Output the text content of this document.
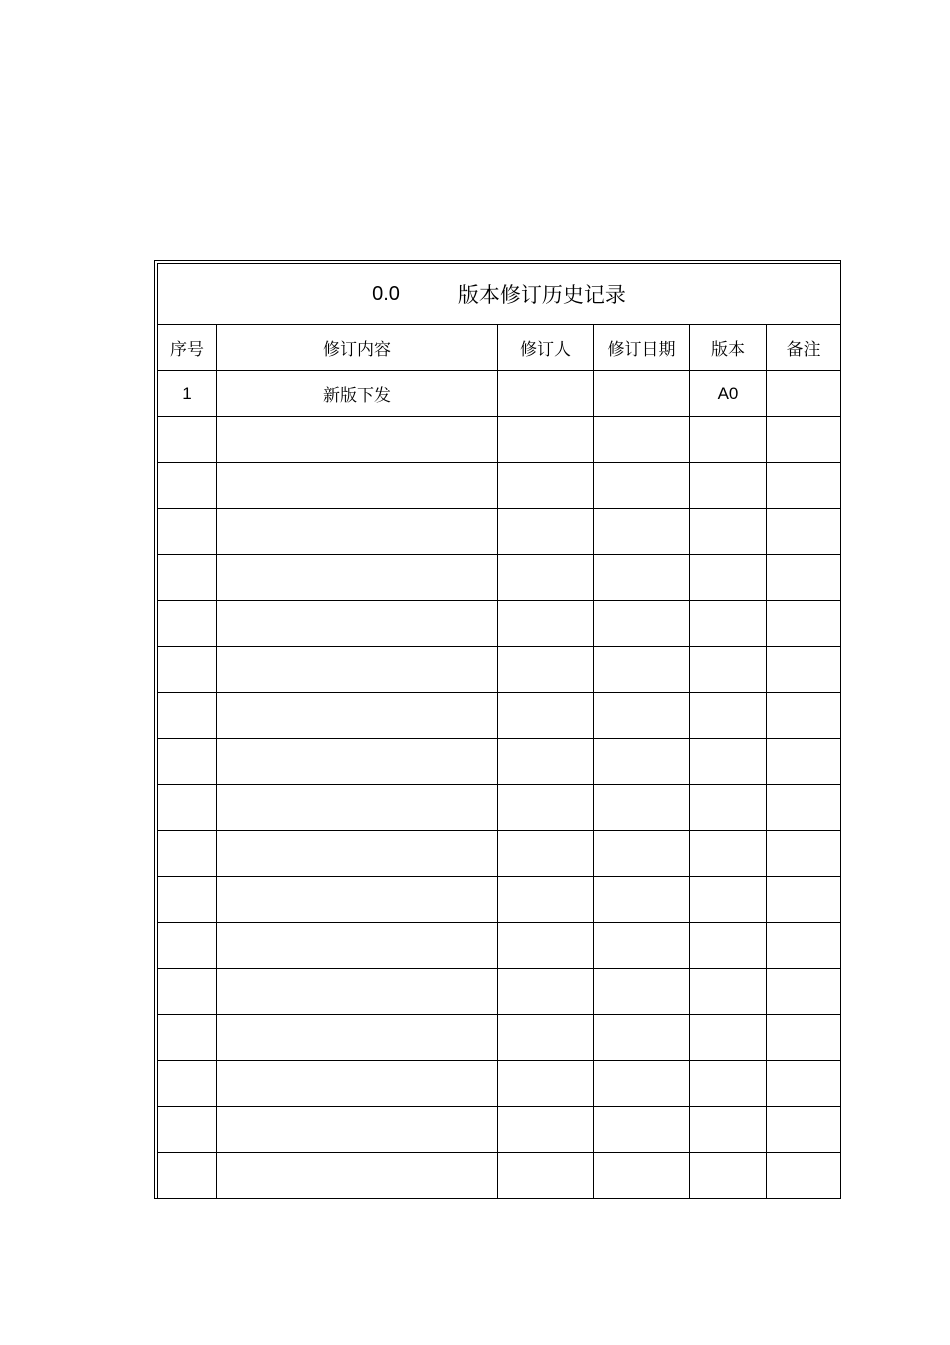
0.0 版本修订历史记录					

序号	修订内容	修订人	修订日期	版本	备注
1	新版下发			A0	
